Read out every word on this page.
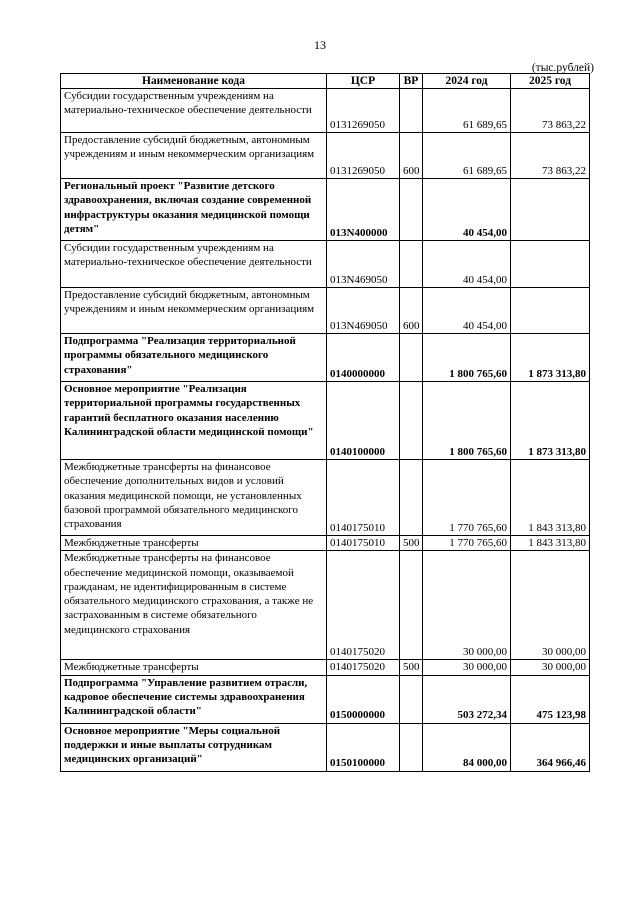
13
(тыс.рублей)
Наименование кода	ЦСР	ВР	2024 год	2025 год
Субсидии государственным учреждениям на материально-техническое обеспечение деятельности	0131269050		61 689,65	73 863,22
Предоставление субсидий бюджетным, автономным учреждениям и иным некоммерческим организациям	0131269050	600	61 689,65	73 863,22
Региональный проект "Развитие детского здравоохранения, включая создание современной инфраструктуры оказания медицинской помощи детям"	013N400000		40 454,00	
Субсидии государственным учреждениям на материально-техническое обеспечение деятельности	013N469050		40 454,00	
Предоставление субсидий бюджетным, автономным учреждениям и иным некоммерческим организациям	013N469050	600	40 454,00	
Подпрограмма "Реализация территориальной программы обязательного медицинского страхования"	0140000000		1 800 765,60	1 873 313,80
Основное мероприятие "Реализация территориальной программы государственных гарантий бесплатного оказания населению Калининградской области медицинской помощи"	0140100000		1 800 765,60	1 873 313,80
Межбюджетные трансферты на финансовое обеспечение дополнительных видов и условий оказания медицинской помощи, не установленных базовой программой обязательного медицинского страхования	0140175010		1 770 765,60	1 843 313,80
Межбюджетные трансферты	0140175010	500	1 770 765,60	1 843 313,80
Межбюджетные трансферты на финансовое обеспечение медицинской помощи, оказываемой гражданам, не идентифицированным в системе обязательного медицинского страхования, а также не застрахованным в системе обязательного медицинского страхования	0140175020		30 000,00	30 000,00
Межбюджетные трансферты	0140175020	500	30 000,00	30 000,00
Подпрограмма "Управление развитием отрасли, кадровое обеспечение системы здравоохранения Калининградской области"	0150000000		503 272,34	475 123,98
Основное мероприятие "Меры социальной поддержки и иные выплаты сотрудникам медицинских организаций"	0150100000		84 000,00	364 966,46
